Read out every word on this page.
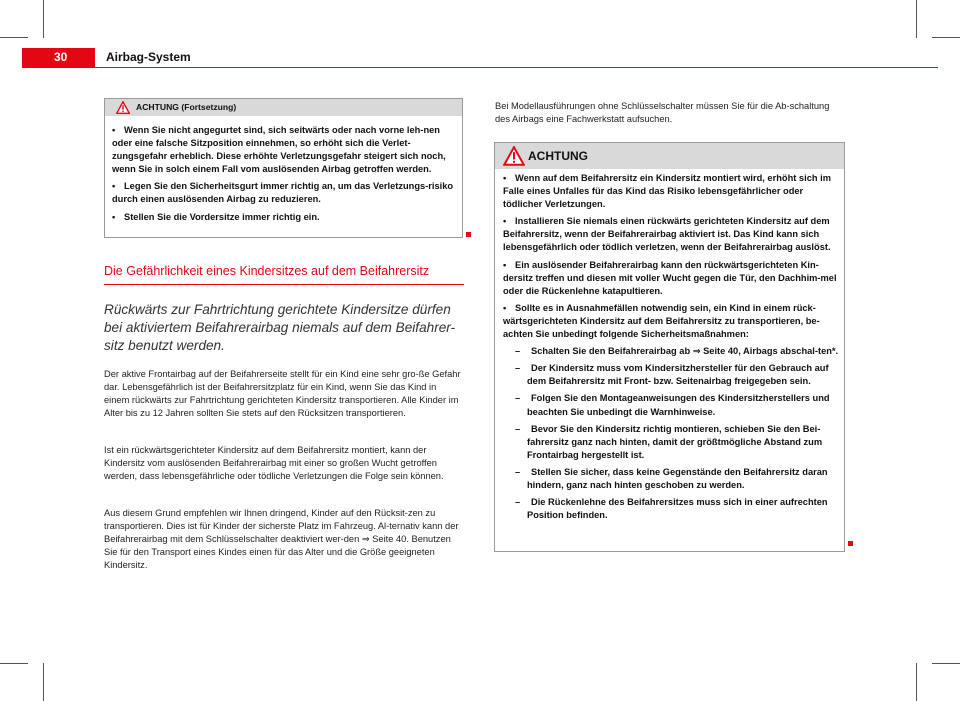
30	Airbag-System
ACHTUNG (Fortsetzung)

• Wenn Sie nicht angegurtet sind, sich seitwärts oder nach vorne leh-nen oder eine falsche Sitzposition einnehmen, so erhöht sich die Verlet-zungsgefahr erheblich. Diese erhöhte Verletzungsgefahr steigert sich noch, wenn Sie in solch einem Fall vom auslösenden Airbag getroffen werden.

• Legen Sie den Sicherheitsgurt immer richtig an, um das Verletzungs-risiko durch einen auslösenden Airbag zu reduzieren.

• Stellen Sie die Vordersitze immer richtig ein.

Die Gefährlichkeit eines Kindersitzes auf dem Beifahrersitz
Rückwärts zur Fahrtrichtung gerichtete Kindersitze dürfen bei aktiviertem Beifahrerairbag niemals auf dem Beifahrer-sitz benutzt werden.

Der aktive Frontairbag auf der Beifahrerseite stellt für ein Kind eine sehr gro-ße Gefahr dar. Lebensgefährlich ist der Beifahrersitzplatz für ein Kind, wenn Sie das Kind in einem rückwärts zur Fahrtrichtung gerichteten Kindersitz transportieren. Alle Kinder im Alter bis zu 12 Jahren sollten Sie stets auf den Rücksitzen transportieren.

Ist ein rückwärtsgerichteter Kindersitz auf dem Beifahrersitz montiert, kann der Kindersitz vom auslösenden Beifahrerairbag mit einer so großen Wucht getroffen werden, dass lebensgefährliche oder tödliche Verletzungen die Folge sein können.

Aus diesem Grund empfehlen wir Ihnen dringend, Kinder auf den Rücksit-zen zu transportieren. Dies ist für Kinder der sicherste Platz im Fahrzeug. Al-ternativ kann der Beifahrerairbag mit dem Schlüsselschalter deaktiviert wer-den ⇒ Seite 40. Benutzen Sie für den Transport eines Kindes einen für das Alter und die Größe geeigneten Kindersitz.

Bei Modellausführungen ohne Schlüsselschalter müssen Sie für die Ab-schaltung des Airbags eine Fachwerkstatt aufsuchen.

ACHTUNG

• Wenn auf dem Beifahrersitz ein Kindersitz montiert wird, erhöht sich im Falle eines Unfalles für das Kind das Risiko lebensgefährlicher oder tödlicher Verletzungen.

• Installieren Sie niemals einen rückwärts gerichteten Kindersitz auf dem Beifahrersitz, wenn der Beifahrerairbag aktiviert ist. Das Kind kann sich lebensgefährlich oder tödlich verletzen, wenn der Beifahrerairbag auslöst.

• Ein auslösender Beifahrerairbag kann den rückwärtsgerichteten Kin-dersitz treffen und diesen mit voller Wucht gegen die Tür, den Dachhim-mel oder die Rückenlehne katapultieren.

• Sollte es in Ausnahmefällen notwendig sein, ein Kind in einem rück-wärtsgerichteten Kindersitz auf dem Beifahrersitz zu transportieren, be-achten Sie unbedingt folgende Sicherheitsmaßnahmen:

– Schalten Sie den Beifahrerairbag ab ⇒ Seite 40, Airbags abschal-ten*.

– Der Kindersitz muss vom Kindersitzhersteller für den Gebrauch auf dem Beifahrersitz mit Front- bzw. Seitenairbag freigegeben sein.

– Folgen Sie den Montageanweisungen des Kindersitzherstellers und beachten Sie unbedingt die Warnhinweise.

– Bevor Sie den Kindersitz richtig montieren, schieben Sie den Bei-fahrersitz ganz nach hinten, damit der größtmögliche Abstand zum Frontairbag hergestellt ist.

– Stellen Sie sicher, dass keine Gegenstände den Beifahrersitz daran hindern, ganz nach hinten geschoben zu werden.

– Die Rückenlehne des Beifahrersitzes muss sich in einer aufrechten Position befinden.
